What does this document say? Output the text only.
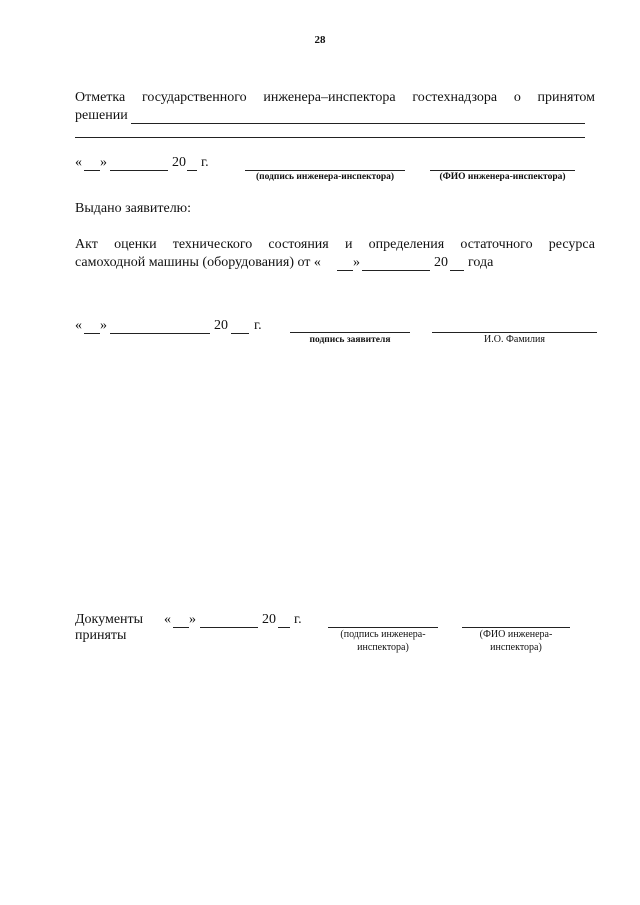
28
Отметка государственного инженера–инспектора гостехнадзора о принятом
решении
« »	20 г.
(подпись инженера-инспектора)	(ФИО инженера-инспектора)
Выдано заявителю:
Акт оценки технического состояния и определения остаточного ресурса
самоходной машины (оборудования) от « »	20 года
« »	20 г.
подпись заявителя	И.О. Фамилия
Документы
приняты
« »	20 г.
(подпись инженера-
инспектора)
(ФИО инженера-
инспектора)
